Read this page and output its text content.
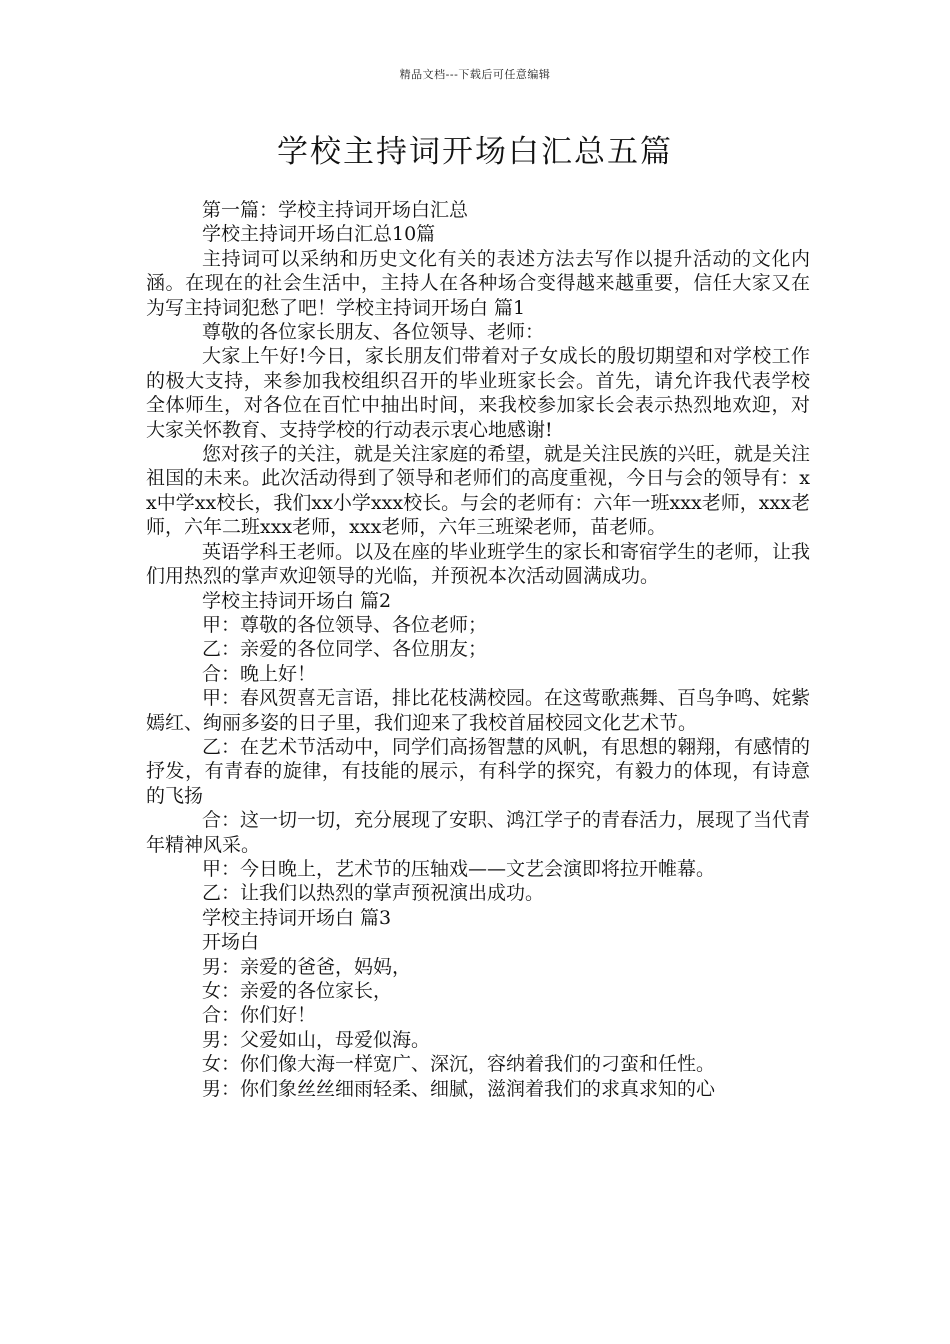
精品文档---下载后可任意编辑
学校主持词开场白汇总五篇

第一篇：学校主持词开场白汇总

学校主持词开场白汇总10篇

主持词可以采纳和历史文化有关的表述方法去写作以提升活动的文化内涵。在现在的社会生活中，主持人在各种场合变得越来越重要，信任大家又在为写主持词犯愁了吧！学校主持词开场白 篇1

尊敬的各位家长朋友、各位领导、老师：

大家上午好!今日，家长朋友们带着对子女成长的殷切期望和对学校工作的极大支持，来参加我校组织召开的毕业班家长会。首先，请允许我代表学校全体师生，对各位在百忙中抽出时间，来我校参加家长会表示热烈地欢迎，对大家关怀教育、支持学校的行动表示衷心地感谢!

您对孩子的关注，就是关注家庭的希望，就是关注民族的兴旺，就是关注祖国的未来。此次活动得到了领导和老师们的高度重视，今日与会的领导有：xx中学xx校长，我们xx小学xxx校长。与会的老师有：六年一班xxx老师，xxx老师，六年二班xxx老师，xxx老师，六年三班梁老师，苗老师。

英语学科王老师。以及在座的毕业班学生的家长和寄宿学生的老师，让我们用热烈的掌声欢迎领导的光临，并预祝本次活动圆满成功。

学校主持词开场白 篇2

甲：尊敬的各位领导、各位老师；

乙：亲爱的各位同学、各位朋友；

合：晚上好！

甲：春风贺喜无言语，排比花枝满校园。在这莺歌燕舞、百鸟争鸣、姹紫嫣红、绚丽多姿的日子里，我们迎来了我校首届校园文化艺术节。

乙：在艺术节活动中，同学们高扬智慧的风帆，有思想的翱翔，有感情的抒发，有青春的旋律，有技能的展示，有科学的探究，有毅力的体现，有诗意的飞扬

合：这一切一切，充分展现了安职、鸿江学子的青春活力，展现了当代青年精神风采。

甲：今日晚上，艺术节的压轴戏——文艺会演即将拉开帷幕。

乙：让我们以热烈的掌声预祝演出成功。

学校主持词开场白 篇3

开场白

男：亲爱的爸爸，妈妈，

女：亲爱的各位家长，

合：你们好！

男：父爱如山，母爱似海。

女：你们像大海一样宽广、深沉，容纳着我们的刁蛮和任性。

男：你们象丝丝细雨轻柔、细腻，滋润着我们的求真求知的心
